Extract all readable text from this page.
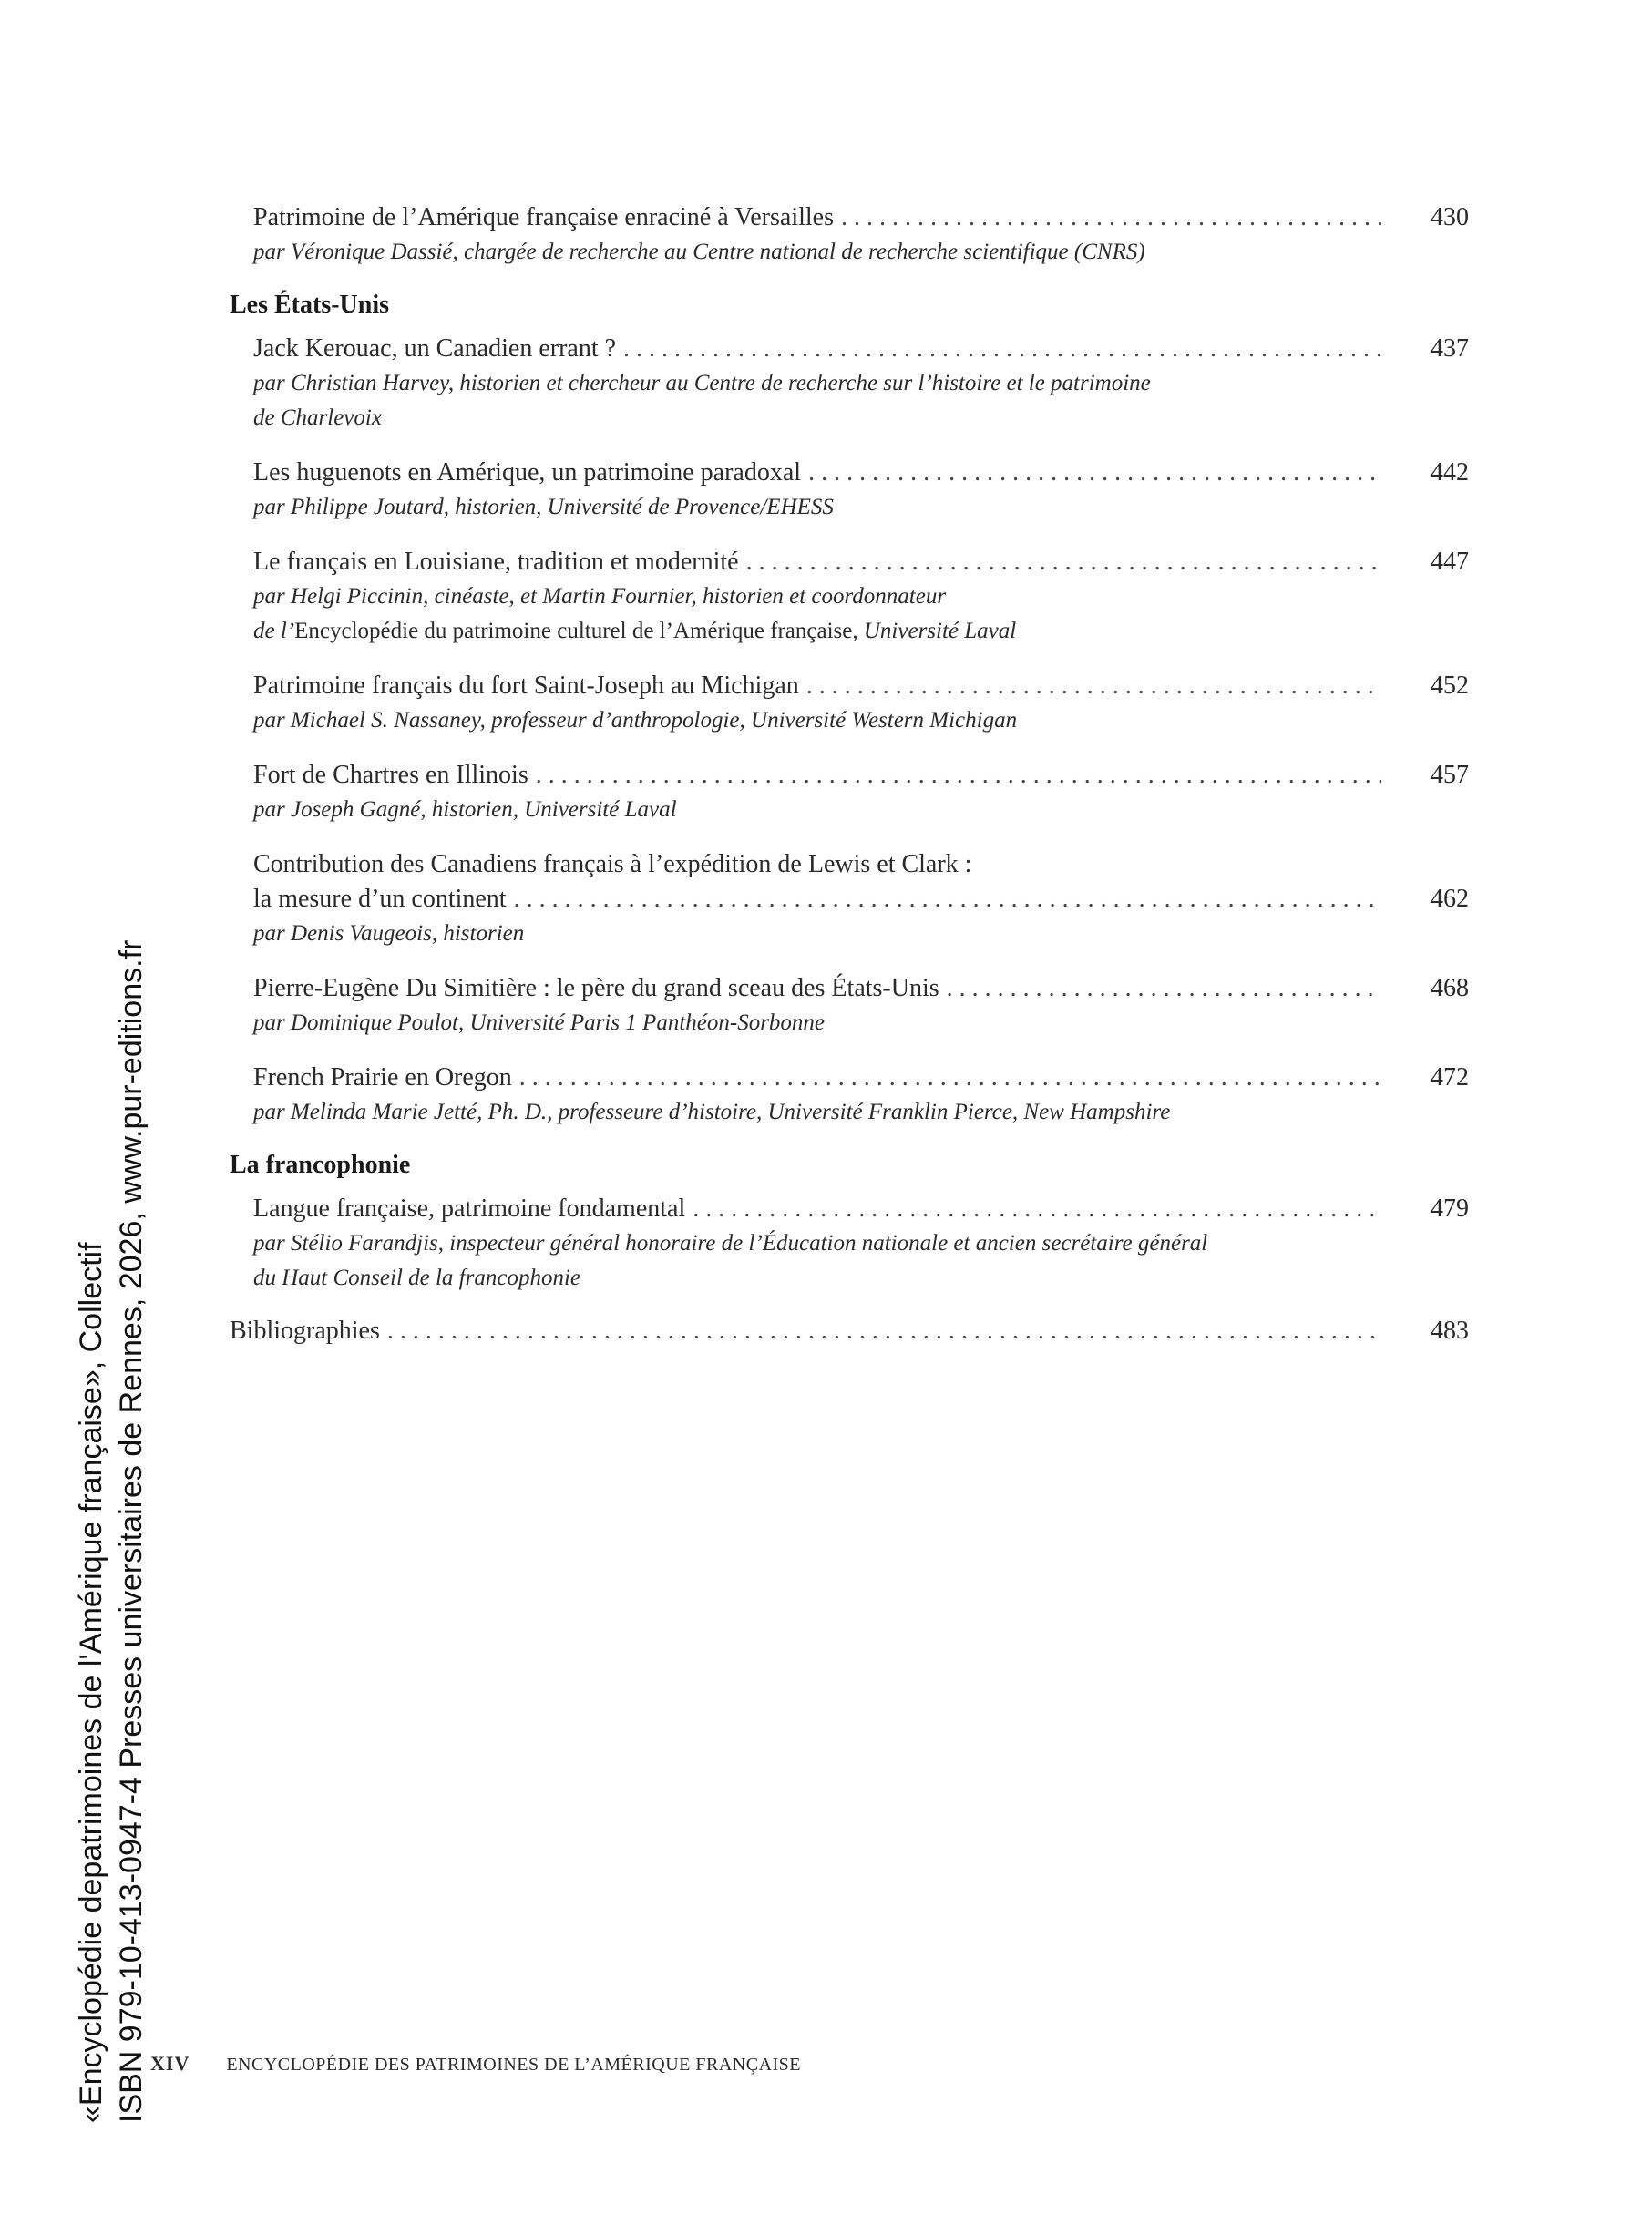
Patrimoine de l’Amérique française enraciné à Versailles . . .	430
par Véronique Dassié, chargée de recherche au Centre national de recherche scientifique (CNRS)
Les États-Unis
Jack Kerouac, un Canadien errant ? . . .	437
par Christian Harvey, historien et chercheur au Centre de recherche sur l’histoire et le patrimoine
de Charlevoix
Les huguenots en Amérique, un patrimoine paradoxal . . .	442
par Philippe Joutard, historien, Université de Provence/EHESS
Le français en Louisiane, tradition et modernité . . .	447
par Helgi Piccinin, cinéaste, et Martin Fournier, historien et coordonnateur
de l’Encyclopédie du patrimoine culturel de l’Amérique française, Université Laval
Patrimoine français du fort Saint-Joseph au Michigan . . .	452
par Michael S. Nassaney, professeur d’anthropologie, Université Western Michigan
Fort de Chartres en Illinois . . .	457
par Joseph Gagné, historien, Université Laval
Contribution des Canadiens français à l’expédition de Lewis et Clark :
la mesure d’un continent . . .	462
par Denis Vaugeois, historien
Pierre-Eugène Du Simitière : le père du grand sceau des États-Unis . . .	468
par Dominique Poulot, Université Paris 1 Panthéon-Sorbonne
French Prairie en Oregon . . .	472
par Melinda Marie Jetté, Ph. D., professeure d’histoire, Université Franklin Pierce, New Hampshire
La francophonie
Langue française, patrimoine fondamental . . .	479
par Stélio Farandjis, inspecteur général honoraire de l’Éducation nationale et ancien secrétaire général
du Haut Conseil de la francophonie
Bibliographies . . .	483
XIV ENCYCLOPÉDIE DES PATRIMOINES DE L’AMÉRIQUE FRANÇAISE
«Encyclopédie depatrimoines de l'Amérique française», Collectif ISBN 979-10-413-0947-4 Presses universitaires de Rennes, 2026, www.pur-editions.fr
